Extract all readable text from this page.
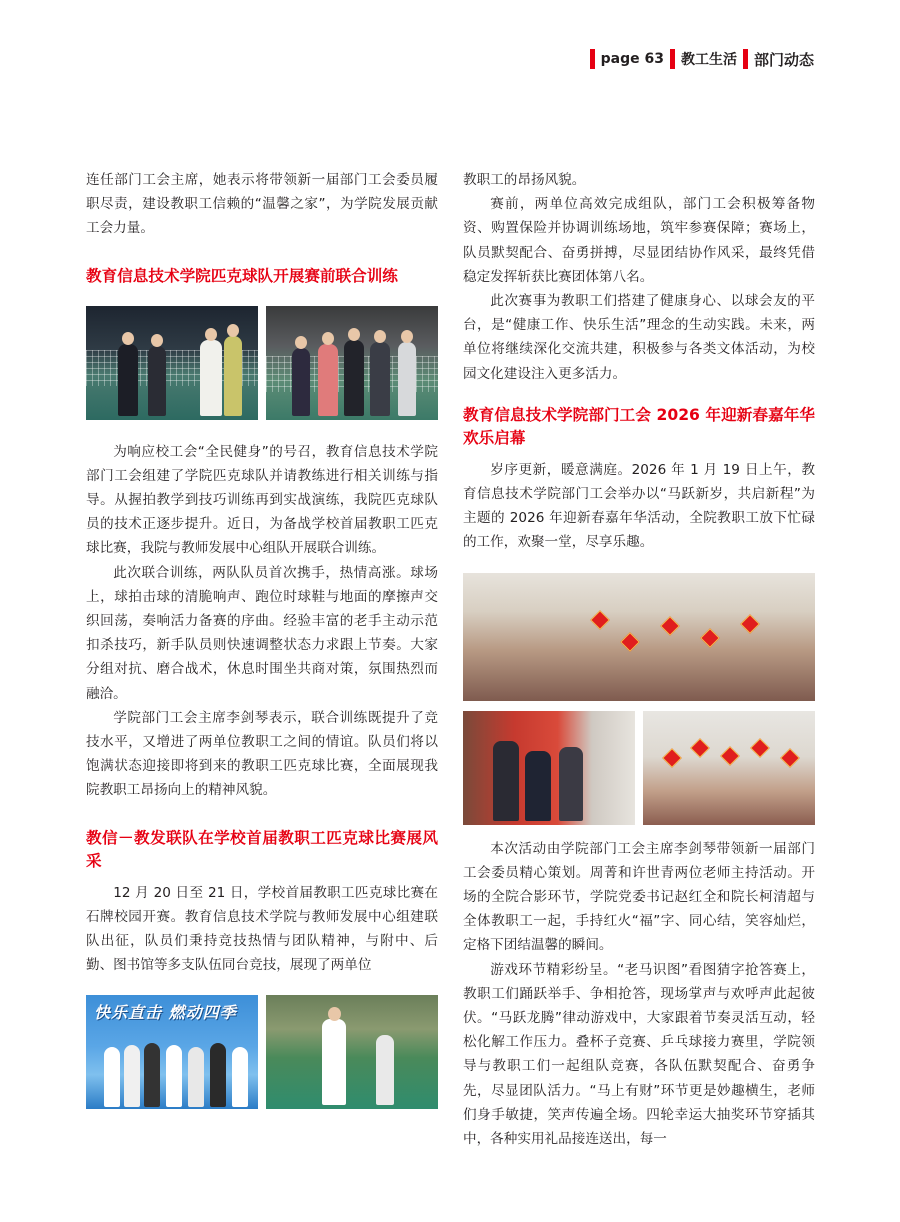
page 63 教工生活 部门动态

连任部门工会主席，她表示将带领新一届部门工会委员履职尽责，建设教职工信赖的“温馨之家”，为学院发展贡献工会力量。

教育信息技术学院匹克球队开展赛前联合训练

为响应校工会“全民健身”的号召，教育信息技术学院部门工会组建了学院匹克球队并请教练进行相关训练与指导。从握拍教学到技巧训练再到实战演练，我院匹克球队员的技术正逐步提升。近日，为备战学校首届教职工匹克球比赛，我院与教师发展中心组队开展联合训练。

此次联合训练，两队队员首次携手，热情高涨。球场上，球拍击球的清脆响声、跑位时球鞋与地面的摩擦声交织回荡，奏响活力备赛的序曲。经验丰富的老手主动示范扣杀技巧，新手队员则快速调整状态力求跟上节奏。大家分组对抗、磨合战术，休息时围坐共商对策，氛围热烈而融洽。

学院部门工会主席李剑琴表示，联合训练既提升了竞技水平，又增进了两单位教职工之间的情谊。队员们将以饱满状态迎接即将到来的教职工匹克球比赛，全面展现我院教职工昂扬向上的精神风貌。

教信－教发联队在学校首届教职工匹克球比赛展风采

12 月 20 日至 21 日，学校首届教职工匹克球比赛在石牌校园开赛。教育信息技术学院与教师发展中心组建联队出征，队员们秉持竞技热情与团队精神，与附中、后勤、图书馆等多支队伍同台竞技，展现了两单位

快乐直击 燃动四季

教职工的昂扬风貌。

赛前，两单位高效完成组队，部门工会积极筹备物资、购置保险并协调训练场地，筑牢参赛保障；赛场上，队员默契配合、奋勇拼搏，尽显团结协作风采，最终凭借稳定发挥斩获比赛团体第八名。

此次赛事为教职工们搭建了健康身心、以球会友的平台，是“健康工作、快乐生活”理念的生动实践。未来，两单位将继续深化交流共建，积极参与各类文体活动，为校园文化建设注入更多活力。

教育信息技术学院部门工会 2026 年迎新春嘉年华欢乐启幕

岁序更新，暖意满庭。2026 年 1 月 19 日上午，教育信息技术学院部门工会举办以“马跃新岁，共启新程”为主题的 2026 年迎新春嘉年华活动，全院教职工放下忙碌的工作，欢聚一堂，尽享乐趣。

本次活动由学院部门工会主席李剑琴带领新一届部门工会委员精心策划。周菁和许世青两位老师主持活动。开场的全院合影环节，学院党委书记赵红全和院长柯清超与全体教职工一起，手持红火“福”字、同心结，笑容灿烂，定格下团结温馨的瞬间。

游戏环节精彩纷呈。“老马识图”看图猜字抢答赛上，教职工们踊跃举手、争相抢答，现场掌声与欢呼声此起彼伏。“马跃龙腾”律动游戏中，大家跟着节奏灵活互动，轻松化解工作压力。叠杯子竞赛、乒乓球接力赛里，学院领导与教职工们一起组队竞赛，各队伍默契配合、奋勇争先，尽显团队活力。“马上有财”环节更是妙趣横生，老师们身手敏捷，笑声传遍全场。四轮幸运大抽奖环节穿插其中，各种实用礼品接连送出，每一
